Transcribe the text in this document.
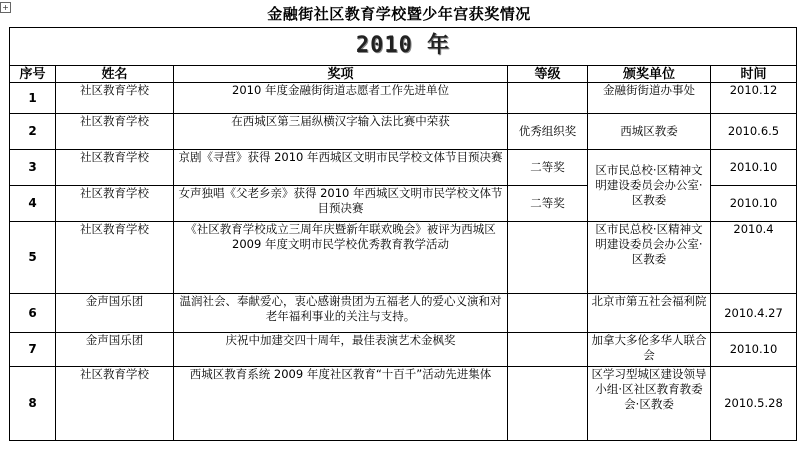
+	金融街社区教育学校暨少年宫获奖情况
2010 年					
序号	姓名	奖项	等级	颁奖单位	时间
1	社区教育学校	2010 年度金融街街道志愿者工作先进单位		金融街街道办事处	2010.12
2	社区教育学校	在西城区第三届纵横汉字输入法比赛中荣获	优秀组织奖	西城区教委	2010.6.5
3	社区教育学校	京剧《寻营》获得 2010 年西城区文明市民学校文体节目预决赛	二等奖	区市民总校·区精神文明建设委员会办公室·区教委	2010.10
4	社区教育学校	女声独唱《父老乡亲》获得 2010 年西城区文明市民学校文体节目预决赛	二等奖		2010.10
5	社区教育学校	《社区教育学校成立三周年庆暨新年联欢晚会》被评为西城区 2009 年度文明市民学校优秀教育教学活动		区市民总校·区精神文明建设委员会办公室·区教委	2010.4
6	金声国乐团	温润社会、奉献爱心，衷心感谢贵团为五福老人的爱心义演和对老年福利事业的关注与支持。		北京市第五社会福利院	2010.4.27
7	金声国乐团	庆祝中加建交四十周年，最佳表演艺术金枫奖		加拿大多伦多华人联合会	2010.10
8	社区教育学校	西城区教育系统 2009 年度社区教育“十百千”活动先进集体		区学习型城区建设领导小组·区社区教育教委会·区教委	2010.5.28
